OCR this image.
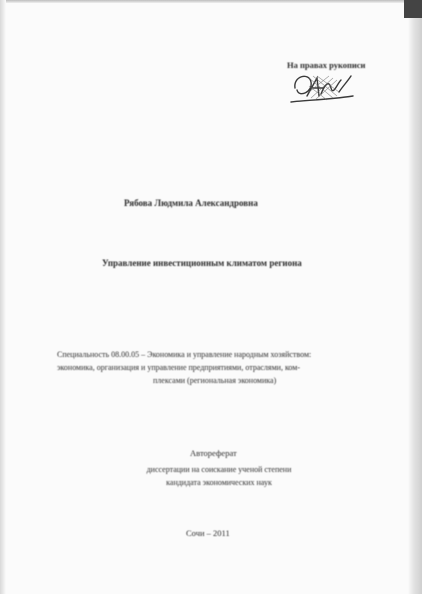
На правах рукописи
Рябова Людмила Александровна
Управление инвестиционным климатом региона
Специальность 08.00.05 – Экономика и управление народным хозяйством:
экономика, организация и управление предприятиями, отраслями, ком-
плексами (региональная экономика)
Автореферат
диссертации на соискание ученой степени
кандидата экономических наук
Сочи – 2011
